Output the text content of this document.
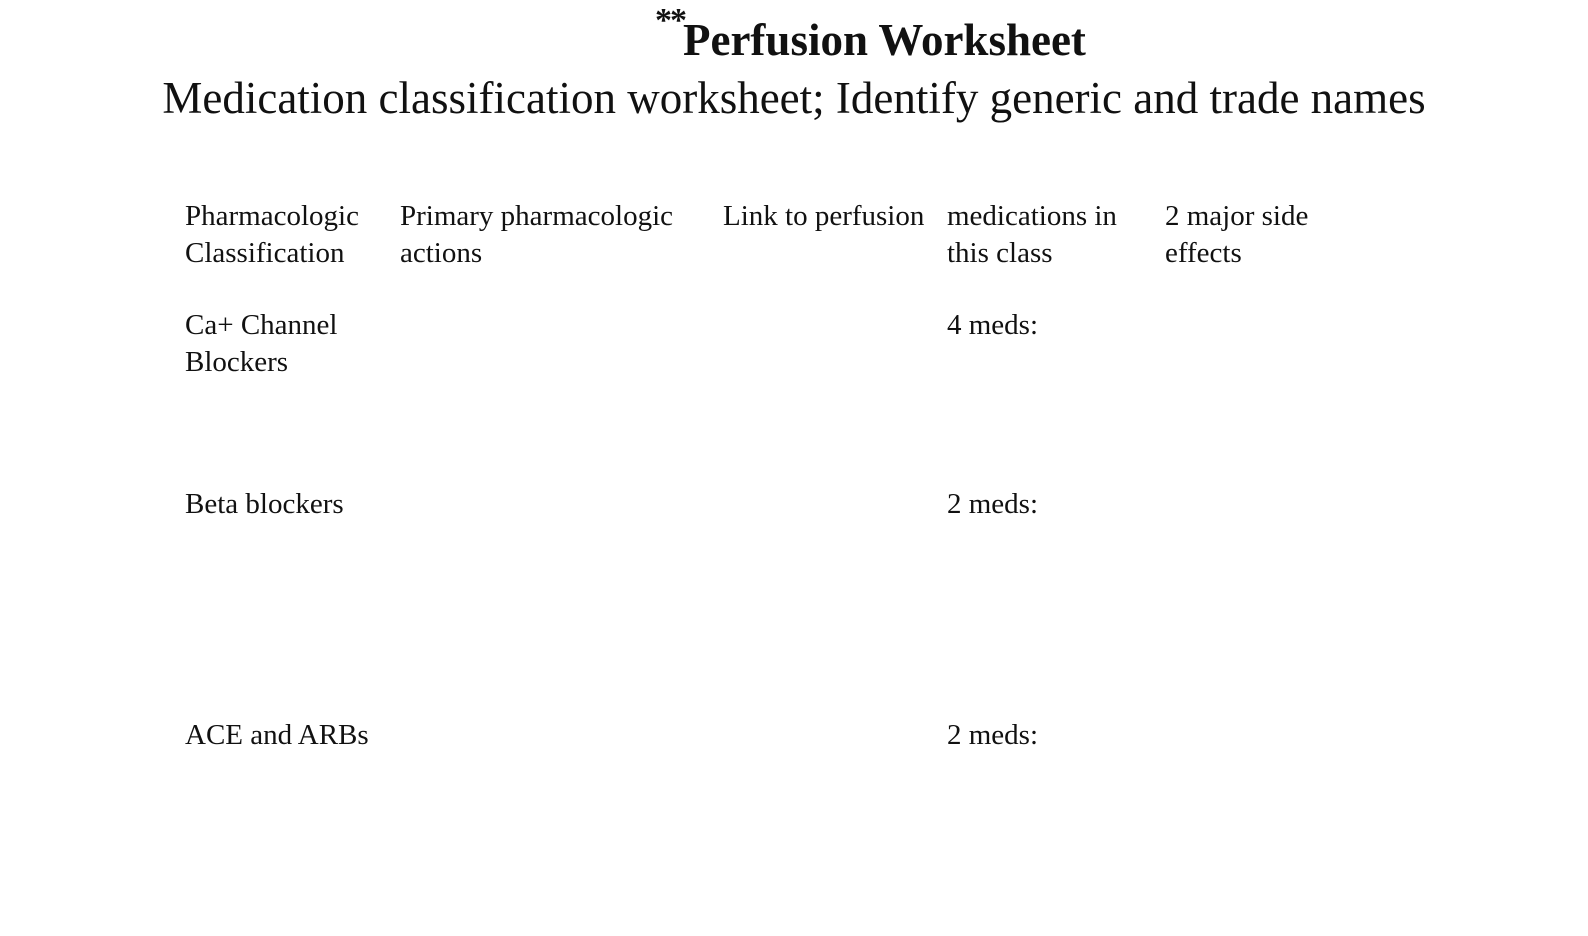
**
Perfusion Worksheet
Medication classification worksheet; Identify generic and trade names
Pharmacologic
Classification
Primary pharmacologic
actions
Link to perfusion medications in
this class
2 major side
effects
Ca+ Channel
Blockers
4 meds:
Beta blockers	2 meds:
ACE and ARBs	2 meds:
